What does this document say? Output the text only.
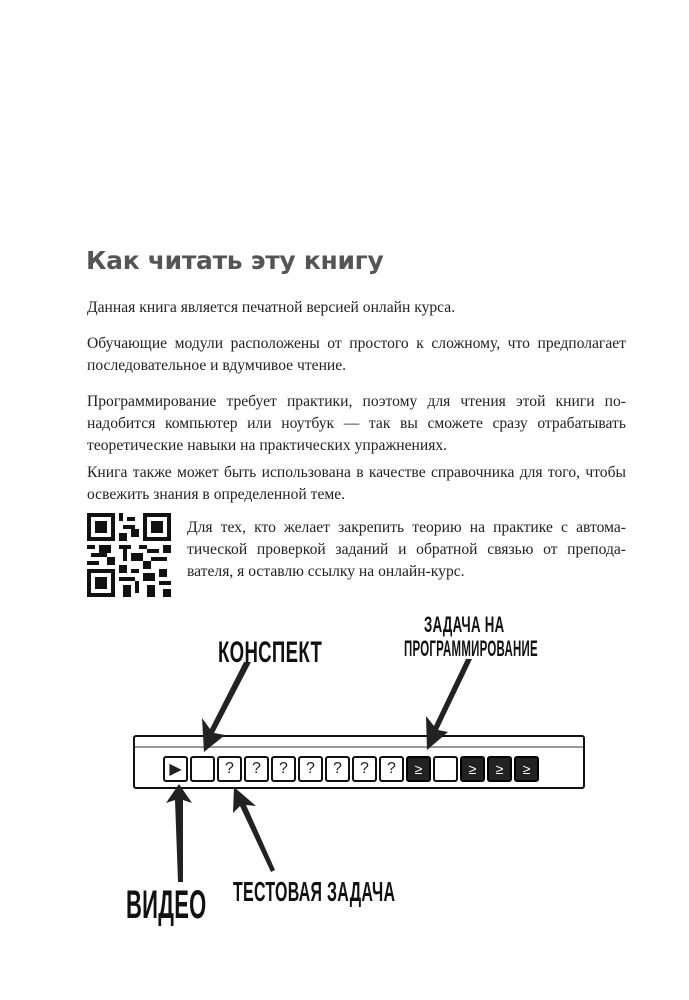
Как читать эту книгу
Данная книга является печатной версией онлайн курса.
Обучающие модули расположены от простого к сложному, что предполагает последовательное и вдумчивое чтение.
Программирование требует практики, поэтому для чтения этой книги понадобится компьютер или ноутбук — так вы сможете сразу отрабатывать теоретические навыки на практических упражнениях.
Книга также может быть использована в качестве справочника для того, чтобы освежить знания в определенной теме.
Для тех, кто желает закрепить теорию на практике с автоматической проверкой заданий и обратной связью от преподавателя, я оставлю ссылку на онлайн-курс.
КОНСПЕКТ
ЗАДАЧА НА
ПРОГРАММИРОВАНИЕ
ВИДЕО ТЕСТОВАЯ ЗАДАЧА
▶	?	?	?	?	?	?	?	≥	≥	≥	≥
